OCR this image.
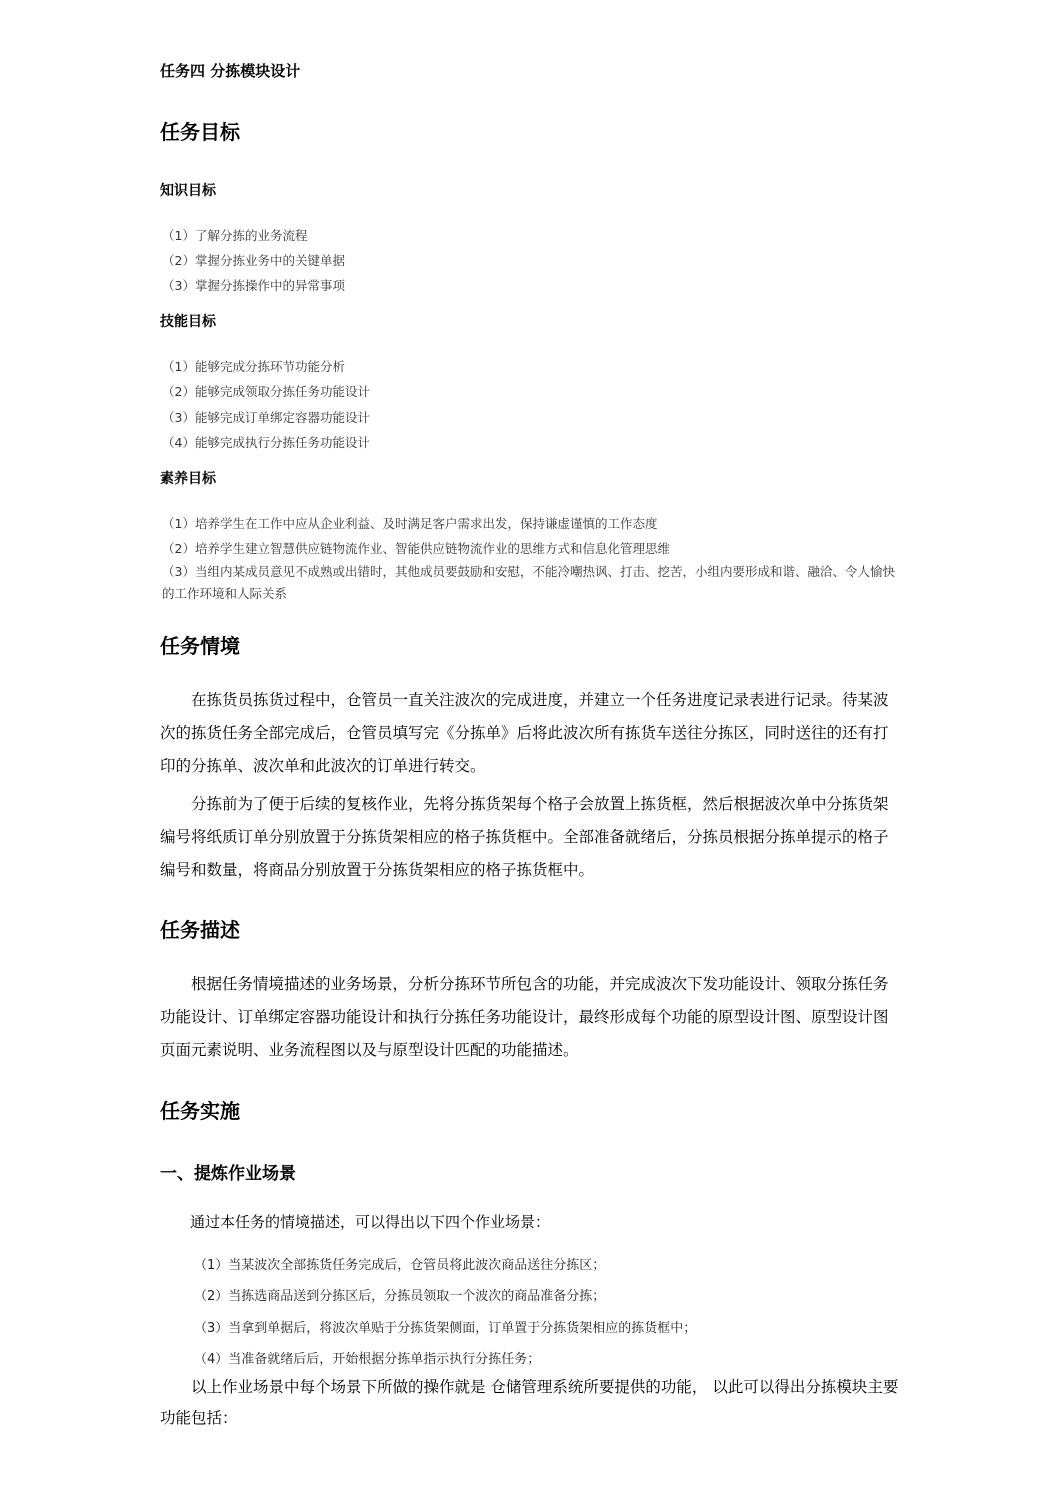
任务四 分拣模块设计
任务目标
知识目标
（1）了解分拣的业务流程
（2）掌握分拣业务中的关键单据
（3）掌握分拣操作中的异常事项
技能目标
（1）能够完成分拣环节功能分析
（2）能够完成领取分拣任务功能设计
（3）能够完成订单绑定容器功能设计
（4）能够完成执行分拣任务功能设计
素养目标
（1）培养学生在工作中应从企业利益、及时满足客户需求出发，保持谦虚谨慎的工作态度
（2）培养学生建立智慧供应链物流作业、智能供应链物流作业的思维方式和信息化管理思维
（3）当组内某成员意见不成熟或出错时，其他成员要鼓励和安慰，不能冷嘲热讽、打击、挖苦，小组内要形成和谐、融洽、令人愉快的工作环境和人际关系
任务情境
在拣货员拣货过程中，仓管员一直关注波次的完成进度，并建立一个任务进度记录表进行记录。待某波次的拣货任务全部完成后，仓管员填写完《分拣单》后将此波次所有拣货车送往分拣区，同时送往的还有打印的分拣单、波次单和此波次的订单进行转交。
分拣前为了便于后续的复核作业，先将分拣货架每个格子会放置上拣货框，然后根据波次单中分拣货架编号将纸质订单分别放置于分拣货架相应的格子拣货框中。全部准备就绪后，分拣员根据分拣单提示的格子编号和数量，将商品分别放置于分拣货架相应的格子拣货框中。
任务描述
根据任务情境描述的业务场景，分析分拣环节所包含的功能，并完成波次下发功能设计、领取分拣任务功能设计、订单绑定容器功能设计和执行分拣任务功能设计，最终形成每个功能的原型设计图、原型设计图页面元素说明、业务流程图以及与原型设计匹配的功能描述。
任务实施
一、提炼作业场景
通过本任务的情境描述，可以得出以下四个作业场景：
（1）当某波次全部拣货任务完成后，仓管员将此波次商品送往分拣区；
（2）当拣选商品送到分拣区后，分拣员领取一个波次的商品准备分拣；
（3）当拿到单据后，将波次单贴于分拣货架侧面，订单置于分拣货架相应的拣货框中；
（4）当准备就绪后后，开始根据分拣单指示执行分拣任务；
以上作业场景中每个场景下所做的操作就是 仓储管理系统所要提供的功能， 以此可以得出分拣模块主要功能包括：
